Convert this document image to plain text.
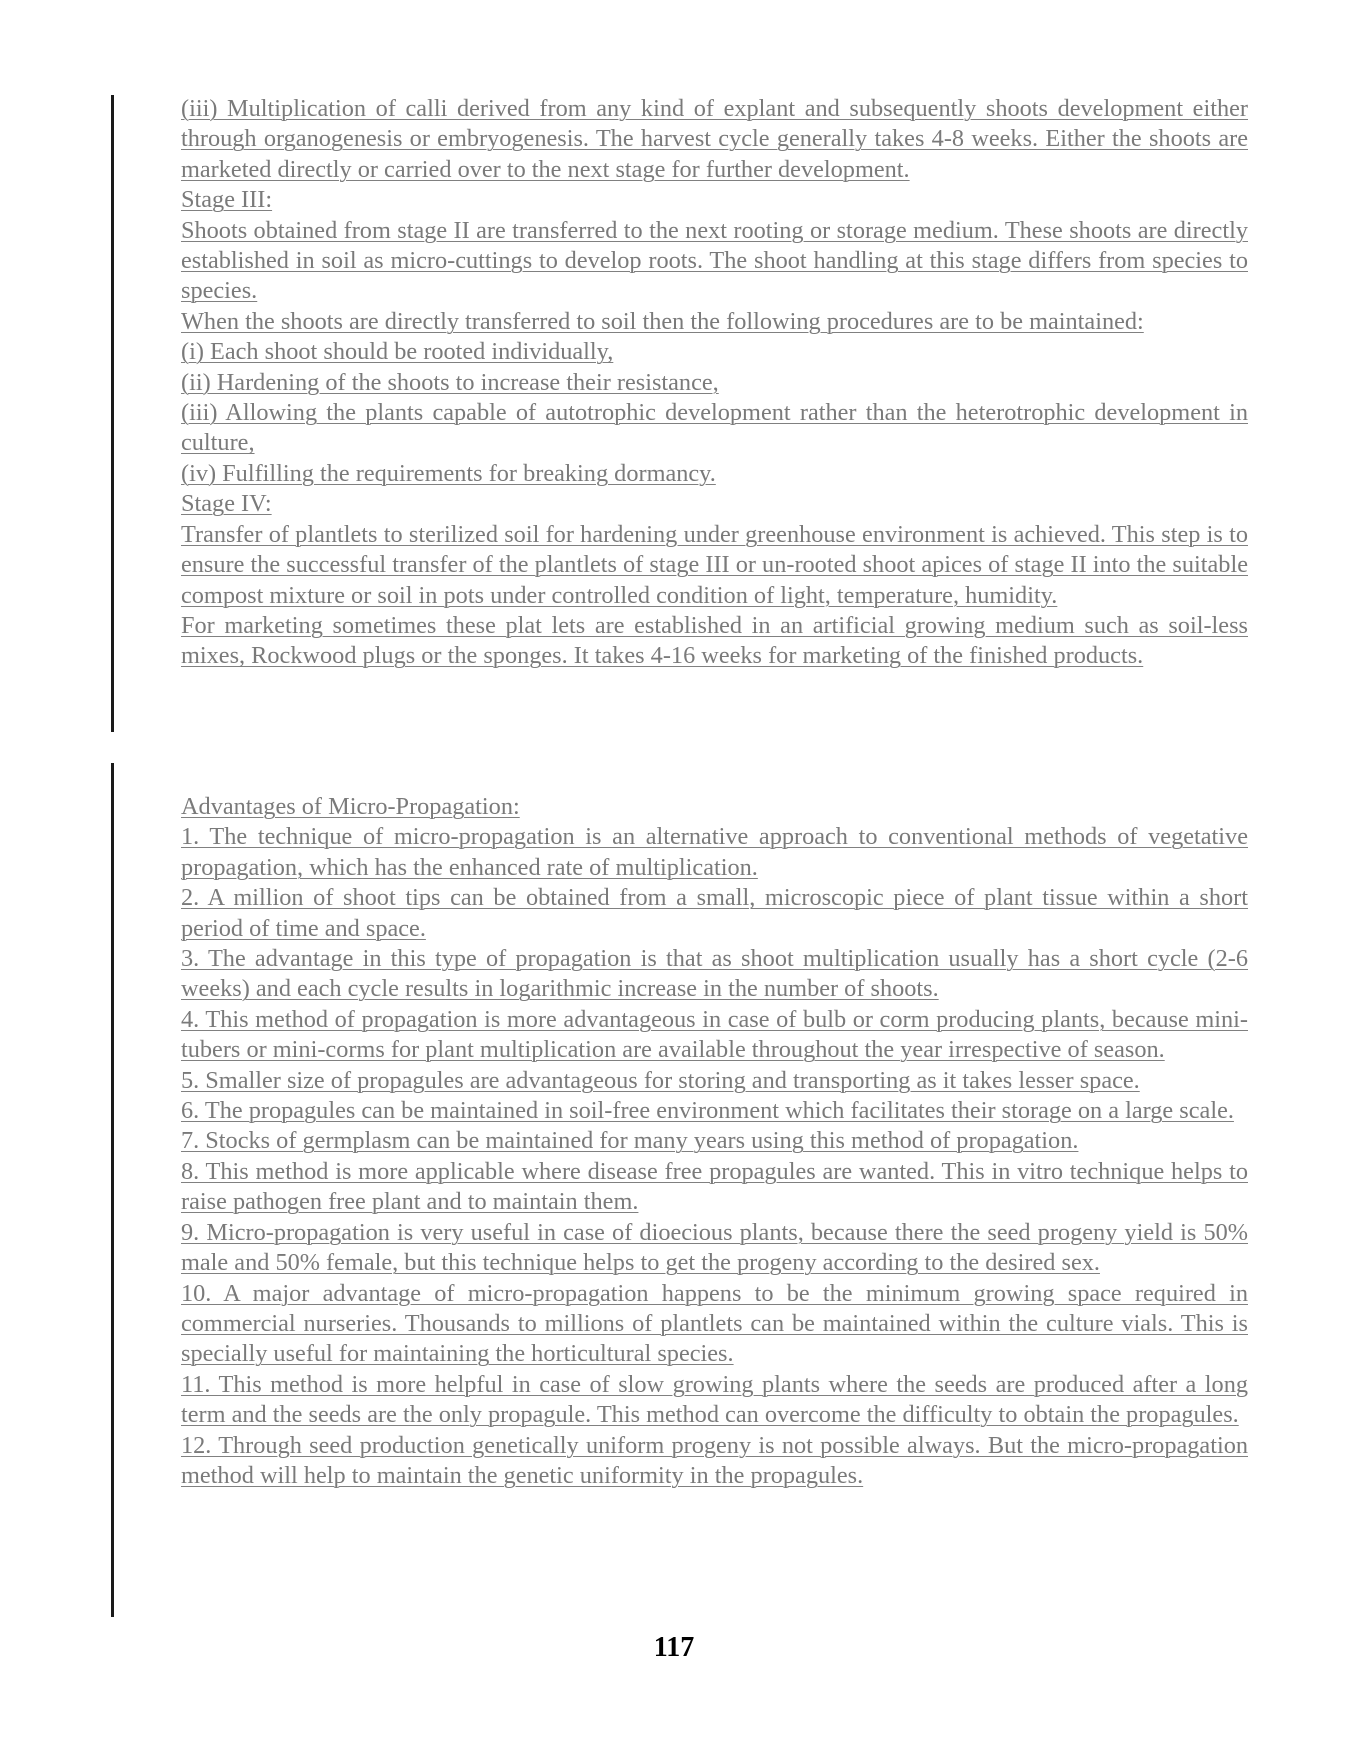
(iii) Multiplication of calli derived from any kind of explant and subsequently shoots development either through organogenesis or embryogenesis. The harvest cycle generally takes 4-8 weeks. Either the shoots are marketed directly or carried over to the next stage for further development.
Stage III:
Shoots obtained from stage II are transferred to the next rooting or storage medium. These shoots are directly established in soil as micro-cuttings to develop roots. The shoot handling at this stage differs from species to species.
When the shoots are directly transferred to soil then the following procedures are to be maintained:
(i) Each shoot should be rooted individually,
(ii) Hardening of the shoots to increase their resistance,
(iii) Allowing the plants capable of autotrophic development rather than the heterotrophic development in culture,
(iv) Fulfilling the requirements for breaking dormancy.
Stage IV:
Transfer of plantlets to sterilized soil for hardening under greenhouse environment is achieved. This step is to ensure the successful transfer of the plantlets of stage III or un-rooted shoot apices of stage II into the suitable compost mixture or soil in pots under controlled condition of light, temperature, humidity.
For marketing sometimes these plat lets are established in an artificial growing medium such as soil-less mixes, Rockwood plugs or the sponges. It takes 4-16 weeks for marketing of the finished products.
Advantages of Micro-Propagation:
1. The technique of micro-propagation is an alternative approach to conventional methods of vegetative propagation, which has the enhanced rate of multiplication.
2. A million of shoot tips can be obtained from a small, microscopic piece of plant tissue within a short period of time and space.
3. The advantage in this type of propagation is that as shoot multiplication usually has a short cycle (2-6 weeks) and each cycle results in logarithmic increase in the number of shoots.
4. This method of propagation is more advantageous in case of bulb or corm producing plants, because mini-tubers or mini-corms for plant multiplication are available throughout the year irrespective of season.
5. Smaller size of propagules are advantageous for storing and transporting as it takes lesser space.
6. The propagules can be maintained in soil-free environment which facilitates their storage on a large scale.
7. Stocks of germplasm can be maintained for many years using this method of propagation.
8. This method is more applicable where disease free propagules are wanted. This in vitro technique helps to raise pathogen free plant and to maintain them.
9. Micro-propagation is very useful in case of dioecious plants, because there the seed progeny yield is 50% male and 50% female, but this technique helps to get the progeny according to the desired sex.
10. A major advantage of micro-propagation happens to be the minimum growing space required in commercial nurseries. Thousands to millions of plantlets can be maintained within the culture vials. This is specially useful for maintaining the horticultural species.
11. This method is more helpful in case of slow growing plants where the seeds are produced after a long term and the seeds are the only propagule. This method can overcome the difficulty to obtain the propagules.
12. Through seed production genetically uniform progeny is not possible always. But the micro-propagation method will help to maintain the genetic uniformity in the propagules.
117
